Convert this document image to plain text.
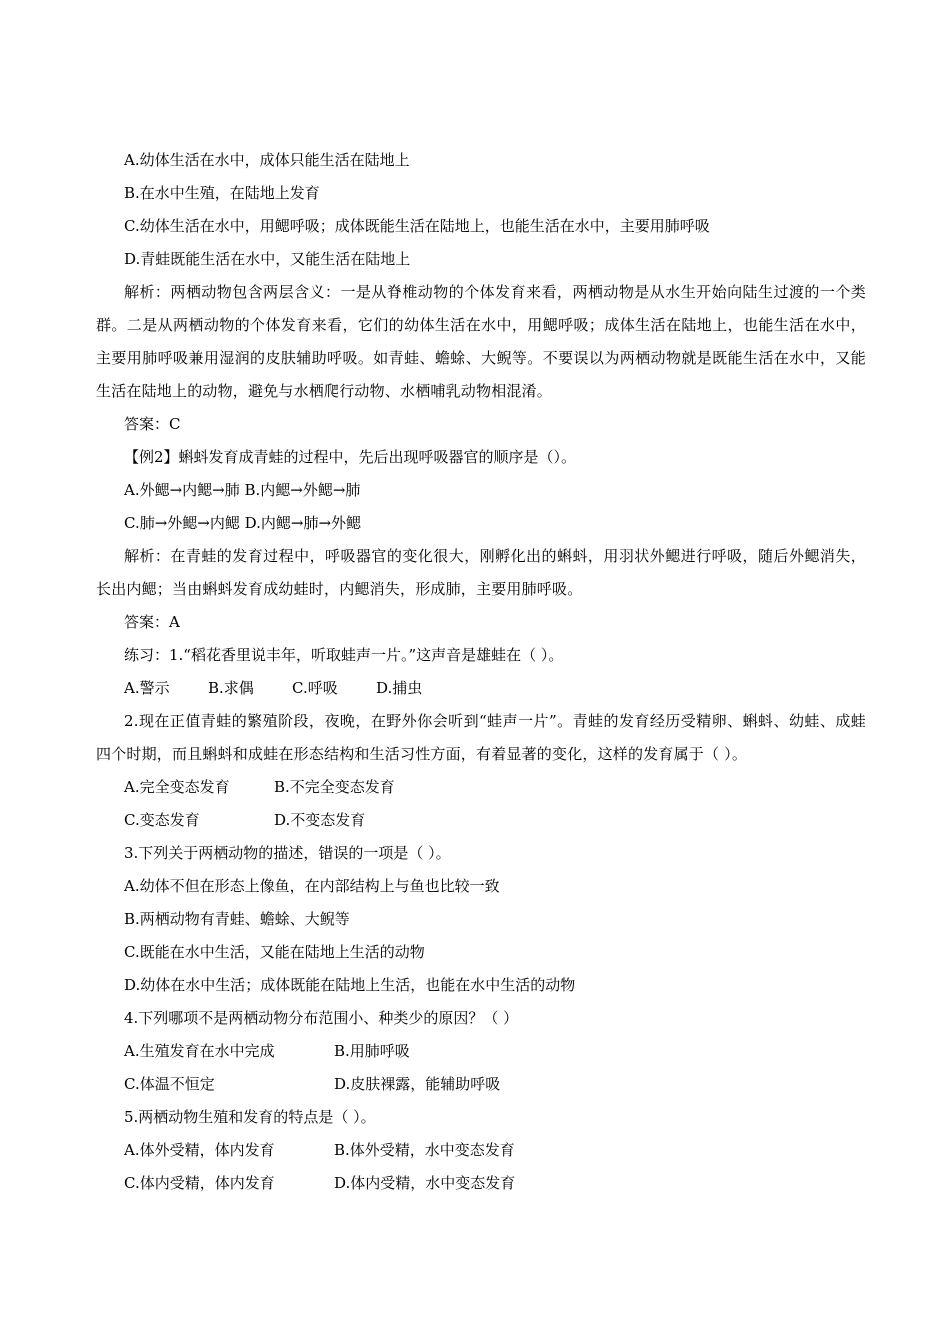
A.幼体生活在水中，成体只能生活在陆地上
B.在水中生殖，在陆地上发育
C.幼体生活在水中，用鳃呼吸；成体既能生活在陆地上，也能生活在水中，主要用肺呼吸
D.青蛙既能生活在水中，又能生活在陆地上
解析：两栖动物包含两层含义：一是从脊椎动物的个体发育来看，两栖动物是从水生开始向陆生过渡的一个类群。二是从两栖动物的个体发育来看，它们的幼体生活在水中，用鳃呼吸；成体生活在陆地上，也能生活在水中，主要用肺呼吸兼用湿润的皮肤辅助呼吸。如青蛙、蟾蜍、大鲵等。不要误以为两栖动物就是既能生活在水中，又能生活在陆地上的动物，避免与水栖爬行动物、水栖哺乳动物相混淆。
答案：C
【例2】蝌蚪发育成青蛙的过程中，先后出现呼吸器官的顺序是（）。
A.外鳃→内鳃→肺 B.内鳃→外鳃→肺
C.肺→外鳃→内鳃 D.内鳃→肺→外鳃
解析：在青蛙的发育过程中，呼吸器官的变化很大，刚孵化出的蝌蚪，用羽状外鳃进行呼吸，随后外鳃消失，长出内鳃；当由蝌蚪发育成幼蛙时，内鳃消失，形成肺，主要用肺呼吸。
答案：A
练习：1.“稻花香里说丰年，听取蛙声一片。”这声音是雄蛙在（ ）。
A.警示	B.求偶	C.呼吸	D.捕虫
2.现在正值青蛙的繁殖阶段，夜晚，在野外你会听到“蛙声一片”。青蛙的发育经历受精卵、蝌蚪、幼蛙、成蛙四个时期，而且蝌蚪和成蛙在形态结构和生活习性方面，有着显著的变化，这样的发育属于（ ）。
A.完全变态发育	B.不完全变态发育
C.变态发育	D.不变态发育
3.下列关于两栖动物的描述，错误的一项是（ ）。
A.幼体不但在形态上像鱼，在内部结构上与鱼也比较一致
B.两栖动物有青蛙、蟾蜍、大鲵等
C.既能在水中生活，又能在陆地上生活的动物
D.幼体在水中生活；成体既能在陆地上生活，也能在水中生活的动物
4.下列哪项不是两栖动物分布范围小、种类少的原因？（ ）
A.生殖发育在水中完成	B.用肺呼吸
C.体温不恒定	D.皮肤裸露，能辅助呼吸
5.两栖动物生殖和发育的特点是（ ）。
A.体外受精，体内发育	B.体外受精，水中变态发育
C.体内受精，体内发育	D.体内受精，水中变态发育
